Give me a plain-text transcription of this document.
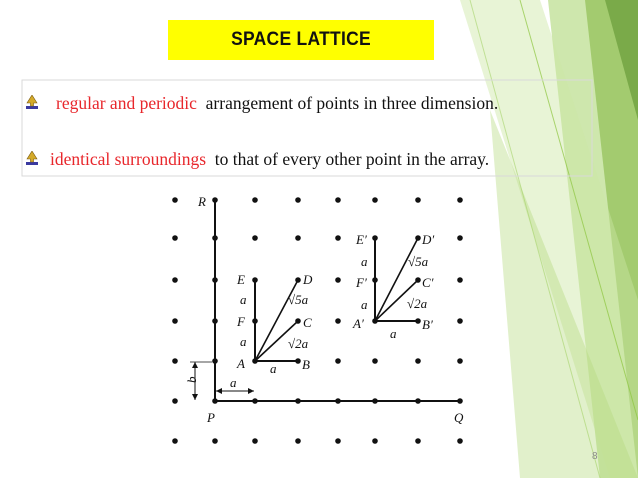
SPACE LATTICE
regular and periodic  arrangement of points in three dimension.
identical surroundings  to that of every other point in the array.
R
P	Q
E
a
F
a
A a B
C
D
√5a
√2a
b a
E′
a
F′
a
A′
a
B′
C′
D′
√5a
√2a
8
